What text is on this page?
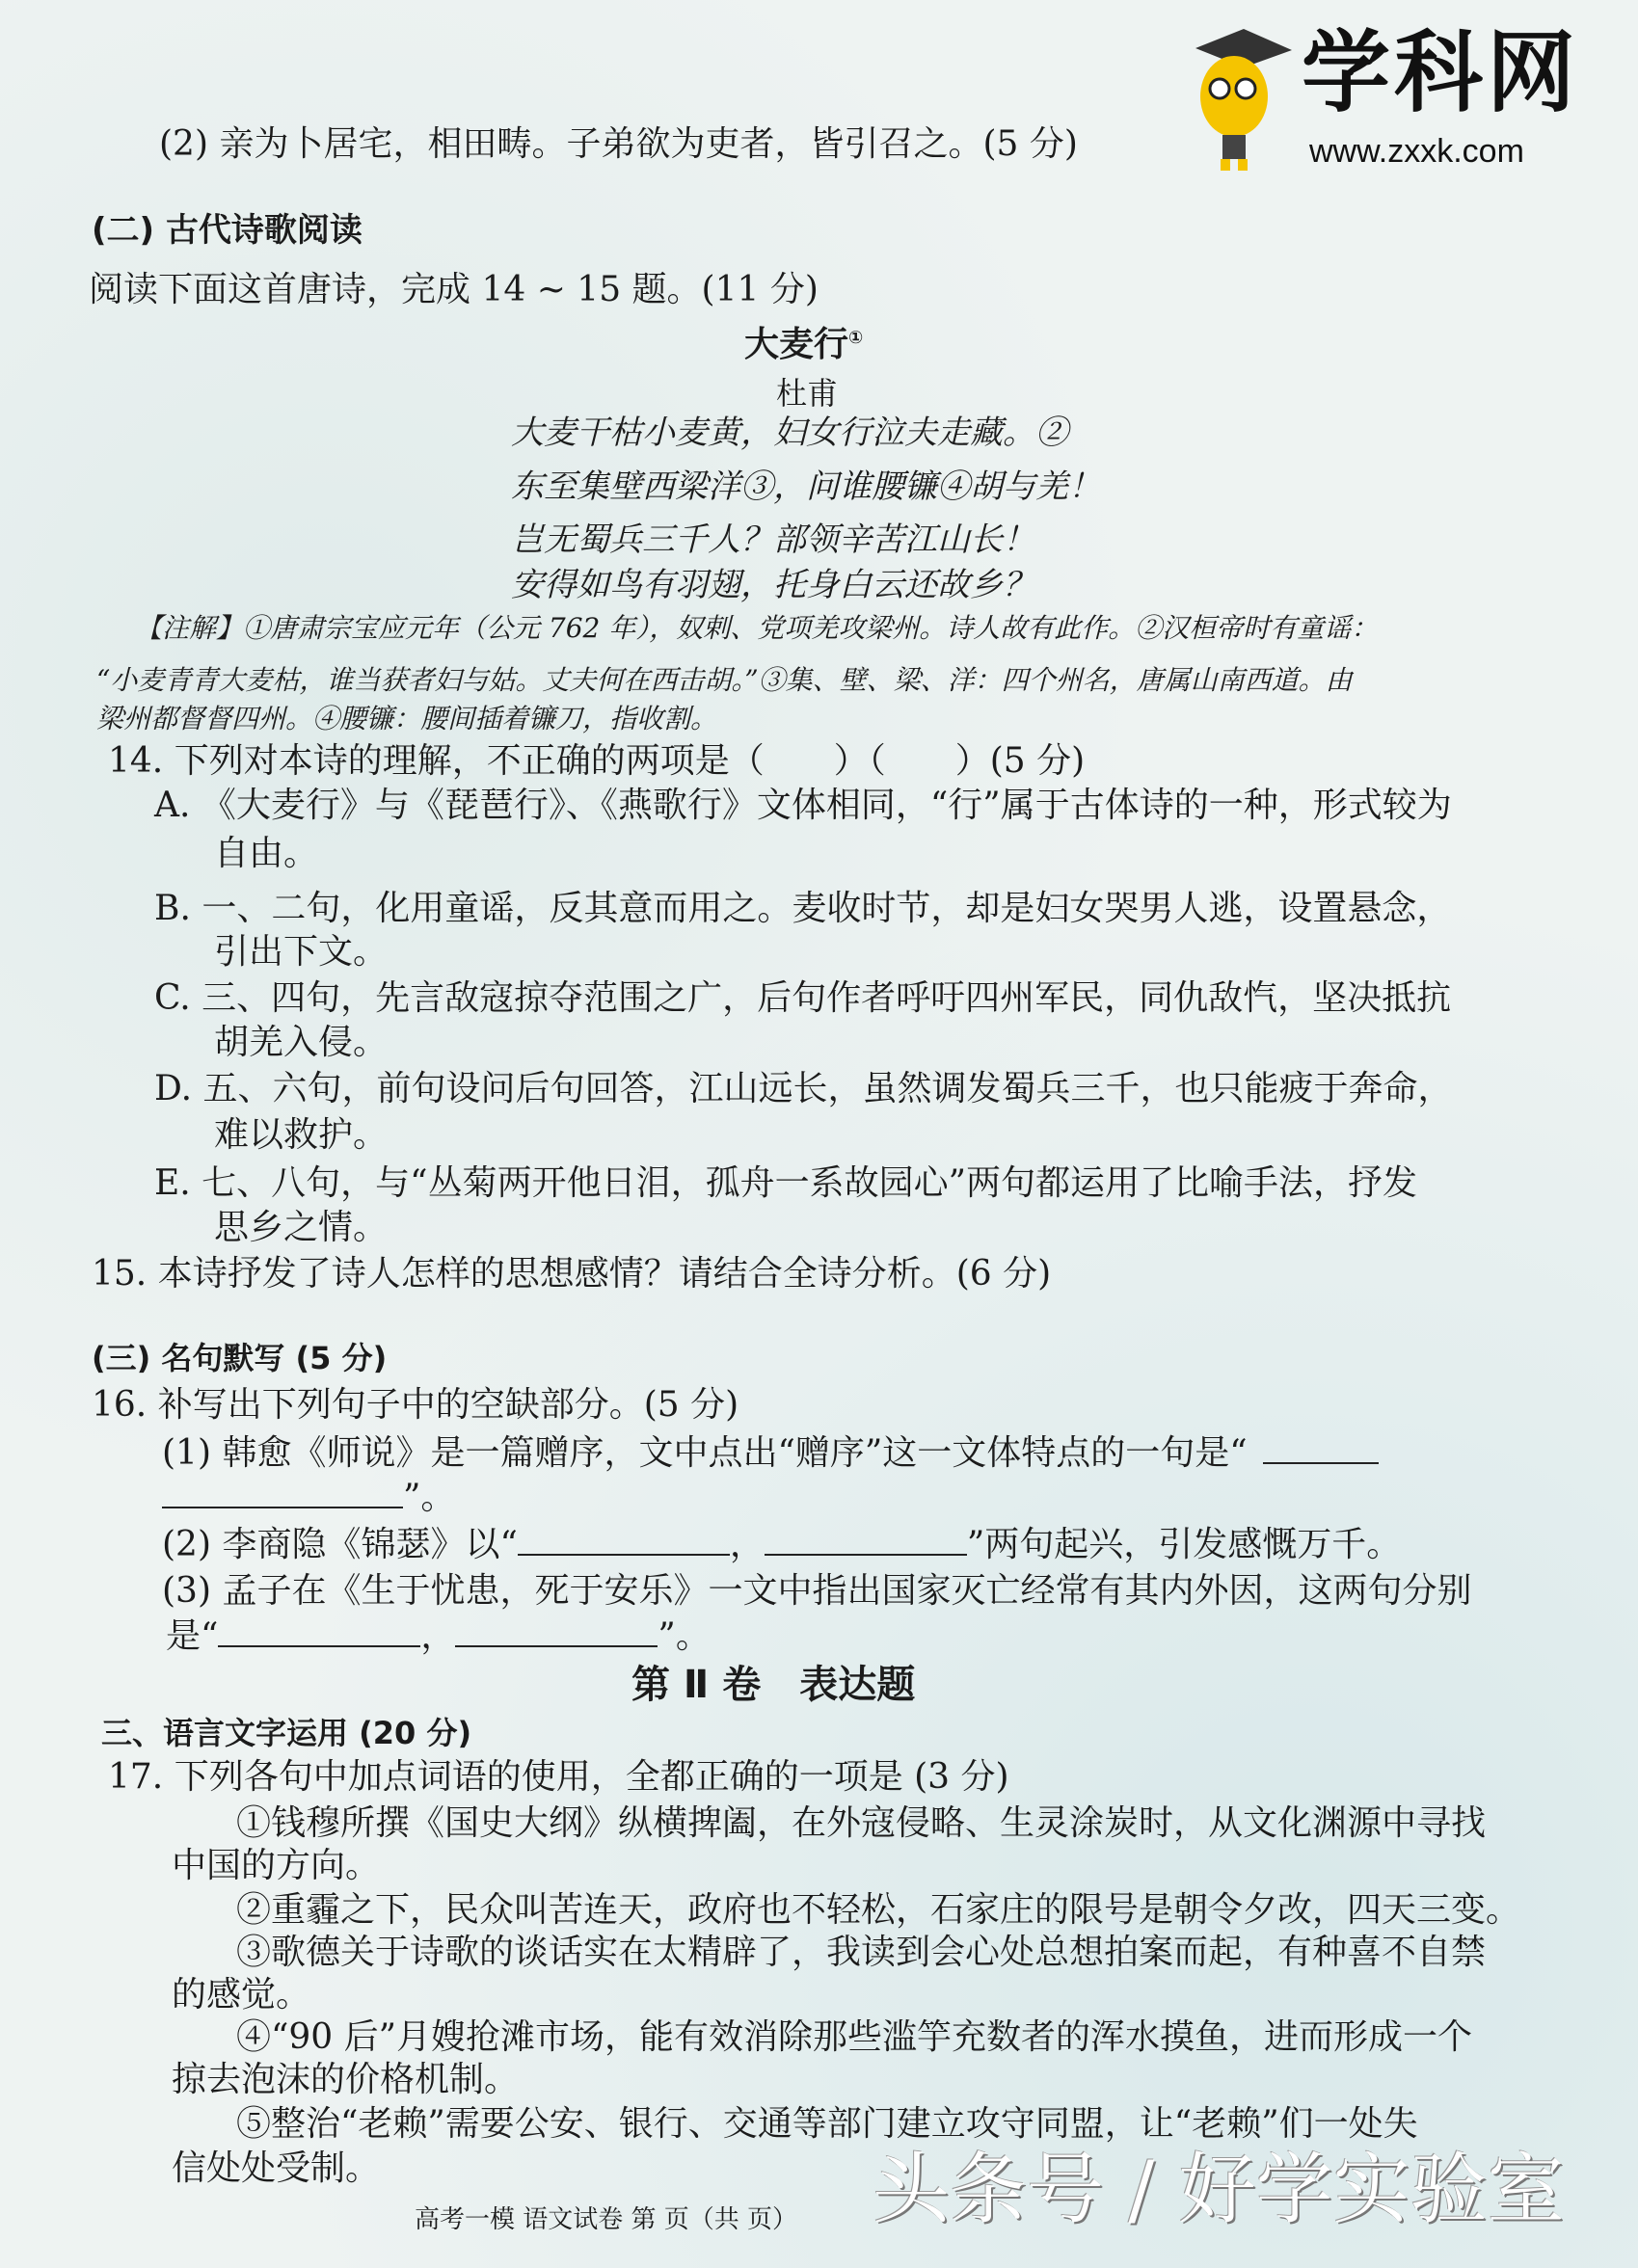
学科网
www.zxxk.com
(2) 亲为卜居宅，相田畴。子弟欲为吏者，皆引召之。(5 分)
(二) 古代诗歌阅读
阅读下面这首唐诗，完成 14 ~ 15 题。(11 分)
大麦行①
杜甫
大麦干枯小麦黄，妇女行泣夫走藏。②
东至集壁西梁洋③，问谁腰镰④胡与羌！
岂无蜀兵三千人？部领辛苦江山长！
安得如鸟有羽翅，托身白云还故乡？
【注解】①唐肃宗宝应元年（公元 762 年），奴剌、党项羌攻梁州。诗人故有此作。②汉桓帝时有童谣：
“小麦青青大麦枯，谁当获者妇与姑。丈夫何在西击胡。”③集、壁、梁、洋：四个州名，唐属山南西道。由
梁州都督督四州。④腰镰：腰间插着镰刀，指收割。
14. 下列对本诗的理解，不正确的两项是（　　）（　　）(5 分)
A. 《大麦行》与《琵琶行》、《燕歌行》文体相同，“行”属于古体诗的一种，形式较为
自由。
B. 一、二句，化用童谣，反其意而用之。麦收时节，却是妇女哭男人逃，设置悬念，
引出下文。
C. 三、四句，先言敌寇掠夺范围之广，后句作者呼吁四州军民，同仇敌忾，坚决抵抗
胡羌入侵。
D. 五、六句，前句设问后句回答，江山远长，虽然调发蜀兵三千，也只能疲于奔命，
难以救护。
E. 七、八句，与“丛菊两开他日泪，孤舟一系故园心”两句都运用了比喻手法，抒发
思乡之情。
15. 本诗抒发了诗人怎样的思想感情？请结合全诗分析。(6 分)
(三) 名句默写 (5 分)
16. 补写出下列句子中的空缺部分。(5 分)
(1) 韩愈《师说》是一篇赠序，文中点出“赠序”这一文体特点的一句是“
”。
(2) 李商隐《锦瑟》以“	，	”两句起兴，引发感慨万千。
(3) 孟子在《生于忧患，死于安乐》一文中指出国家灭亡经常有其内外因，这两句分别
是“	，	”。
第 Ⅱ 卷　表达题
三、语言文字运用 (20 分)
17. 下列各句中加点词语的使用，全都正确的一项是 (3 分)
①钱穆所撰《国史大纲》纵横捭阖，在外寇侵略、生灵涂炭时，从文化渊源中寻找
中国的方向。
②重霾之下，民众叫苦连天，政府也不轻松，石家庄的限号是朝令夕改，四天三变。
③歌德关于诗歌的谈话实在太精辟了，我读到会心处总想拍案而起，有种喜不自禁
的感觉。
④“90 后”月嫂抢滩市场，能有效消除那些滥竽充数者的浑水摸鱼，进而形成一个
掠去泡沫的价格机制。
⑤整治“老赖”需要公安、银行、交通等部门建立攻守同盟，让“老赖”们一处失
信处处受制。
高考一模 语文试卷 第 页（共 页） 头条号 / 好学实验室
